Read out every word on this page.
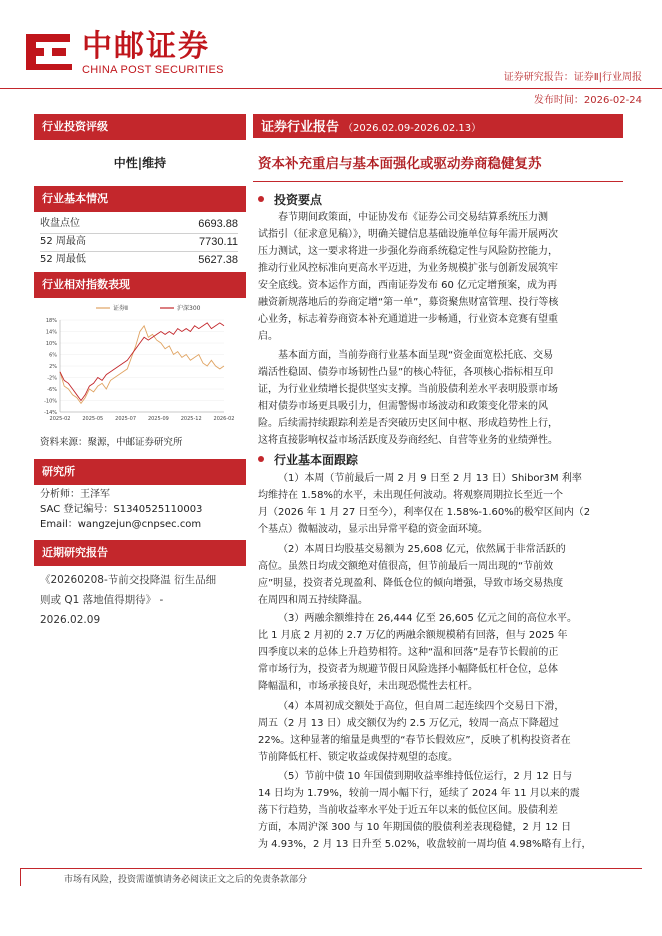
中邮证券
CHINA POST SECURITIES
证券研究报告：证券Ⅱ|行业周报
发布时间：2026-02-24
行业投资评级
中性|维持
行业基本情况
收盘点位	6693.88
52 周最高	7730.11
52 周最低	5627.38
行业相对指数表现
18%
14%
10%
6%
2%
-2%
-6%
-10%
-14%
2025-02 2025-05 2025-07 2025-09 2025-12 2026-02
证券Ⅱ	沪深300
资料来源：聚源，中邮证券研究所
研究所
分析师：王泽军
SAC 登记编号：S1340525110003
Email：wangzejun@cnpsec.com
近期研究报告
《20260208-节前交投降温 衍生品细
则或 Q1 落地值得期待》 -
2026.02.09
证券行业报告 （2026.02.09-2026.02.13）
资本补充重启与基本面强化或驱动券商稳健复苏
投资要点
春节期间政策面，中证协发布《证券公司交易结算系统压力测
试指引（征求意见稿）》，明确关键信息基础设施单位每年需开展两次
压力测试，这一要求将进一步强化券商系统稳定性与风险防控能力，
推动行业风控标准向更高水平迈进，为业务规模扩张与创新发展筑牢
安全底线。资本运作方面，西南证券发布 60 亿元定增预案，成为再
融资新规落地后的券商定增“第一单”，募资聚焦财富管理、投行等核
心业务，标志着券商资本补充通道进一步畅通，行业资本竞赛有望重
启。
基本面方面，当前券商行业基本面呈现“资金面宽松托底、交易
端活性稳固、债券市场韧性凸显”的核心特征，各项核心指标相互印
证，为行业业绩增长提供坚实支撑。当前股债利差水平表明股票市场
相对债券市场更具吸引力，但需警惕市场波动和政策变化带来的风
险。后续需持续跟踪利差是否突破历史区间中枢、形成趋势性上行，
这将直接影响权益市场活跃度及券商经纪、自营等业务的业绩弹性。
行业基本面跟踪
（1）本周（节前最后一周 2 月 9 日至 2 月 13 日）Shibor3M 利率
均维持在 1.58%的水平，未出现任何波动。将观察周期拉长至近一个
月（2026 年 1 月 27 日至今），利率仅在 1.58%-1.60%的极窄区间内（2
个基点）微幅波动，显示出异常平稳的资金面环境。
（2）本周日均股基交易额为 25,608 亿元，依然属于非常活跃的
高位。虽然日均成交额绝对值很高，但节前最后一周出现的“节前效
应”明显，投资者兑现盈利、降低仓位的倾向增强，导致市场交易热度
在周四和周五持续降温。
（3）两融余额维持在 26,444 亿至 26,605 亿元之间的高位水平。
比 1 月底 2 月初的 2.7 万亿的两融余额规模稍有回落，但与 2025 年
四季度以来的总体上升趋势相符。这种“温和回落”是春节长假前的正
常市场行为，投资者为规避节假日风险选择小幅降低杠杆仓位，总体
降幅温和，市场承接良好，未出现恐慌性去杠杆。
（4）本周初成交额处于高位，但自周二起连续四个交易日下滑，
周五（2 月 13 日）成交额仅为约 2.5 万亿元，较周一高点下降超过
22%。这种显著的缩量是典型的“春节长假效应”，反映了机构投资者在
节前降低杠杆、锁定收益或保持观望的态度。
（5）节前中债 10 年国债到期收益率维持低位运行，2 月 12 日与
14 日均为 1.79%，较前一周小幅下行，延续了 2024 年 11 月以来的震
荡下行趋势，当前收益率水平处于近五年以来的低位区间。股债利差
方面，本周沪深 300 与 10 年期国债的股债利差表现稳健，2 月 12 日
为 4.93%，2 月 13 日升至 5.02%，收盘较前一周均值 4.98%略有上行，
市场有风险，投资需谨慎请务必阅读正文之后的免责条款部分
